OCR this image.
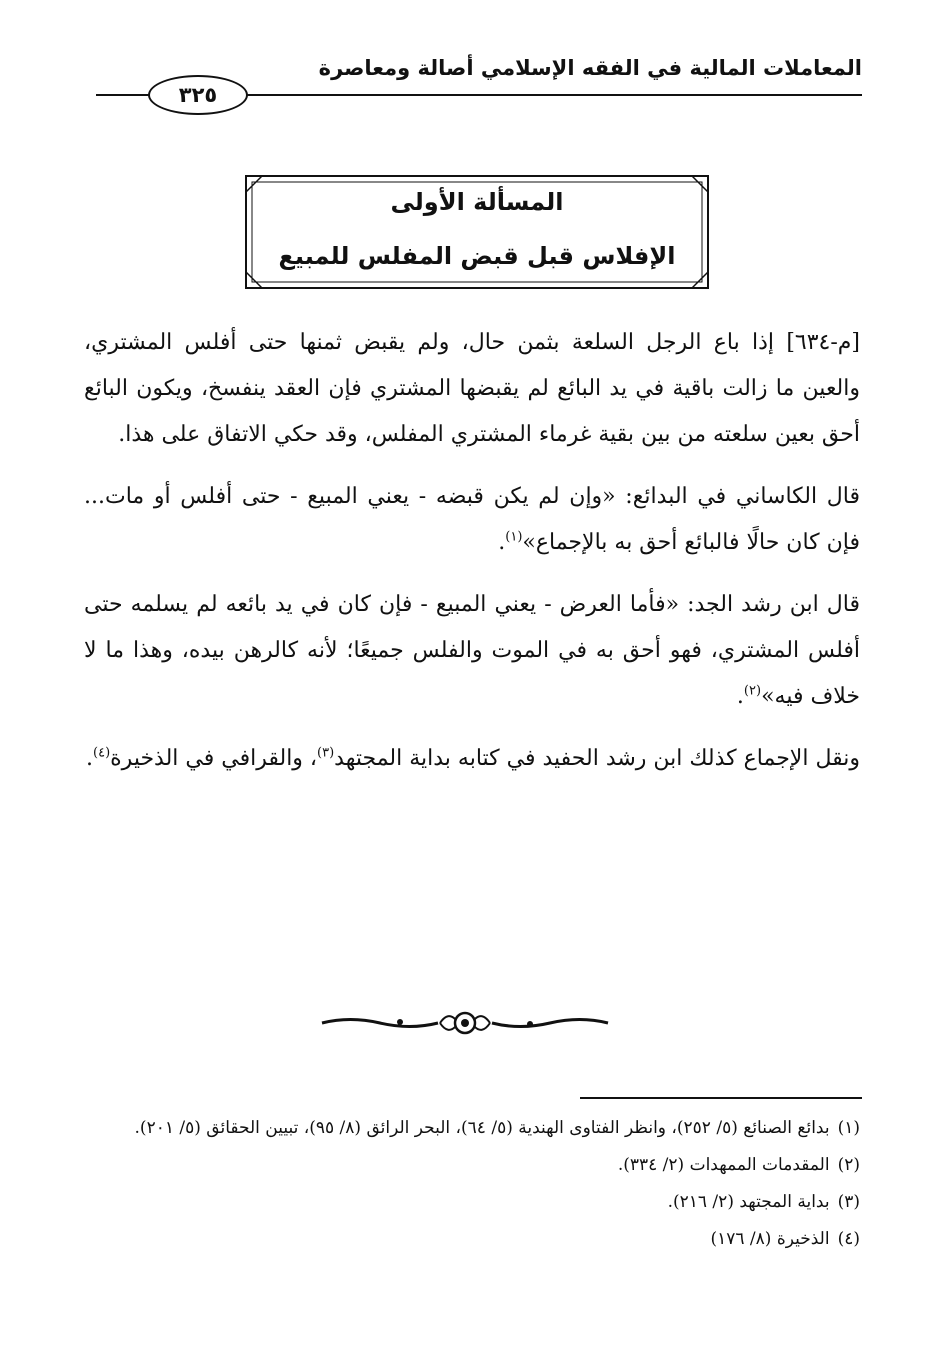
المعاملات المالية في الفقه الإسلامي أصالة ومعاصرة
٣٢٥
المسألة الأولى
الإفلاس قبل قبض المفلس للمبيع

[م-٦٣٤] إذا باع الرجل السلعة بثمن حال، ولم يقبض ثمنها حتى أفلس المشتري، والعين ما زالت باقية في يد البائع لم يقبضها المشتري فإن العقد ينفسخ، ويكون البائع أحق بعين سلعته من بين بقية غرماء المشتري المفلس، وقد حكي الاتفاق على هذا.

قال الكاساني في البدائع: «وإن لم يكن قبضه - يعني المبيع - حتى أفلس أو مات... فإن كان حالًا فالبائع أحق به بالإجماع»$^{(١)}$.

قال ابن رشد الجد: «فأما العرض - يعني المبيع - فإن كان في يد بائعه لم يسلمه حتى أفلس المشتري، فهو أحق به في الموت والفلس جميعًا؛ لأنه كالرهن بيده، وهذا ما لا خلاف فيه»$^{(٢)}$.

ونقل الإجماع كذلك ابن رشد الحفيد في كتابه بداية المجتهد$^{(٣)}$، والقرافي في الذخيرة$^{(٤)}$.

(١)
بدائع الصنائع (٥/ ٢٥٢)، وانظر الفتاوى الهندية (٥/ ٦٤)، البحر الرائق (٨/ ٩٥)، تبيين الحقائق (٥/ ٢٠١).
(٢)
المقدمات الممهدات (٢/ ٣٣٤).
(٣)
بداية المجتهد (٢/ ٢١٦).
(٤)
الذخيرة (٨/ ١٧٦)
